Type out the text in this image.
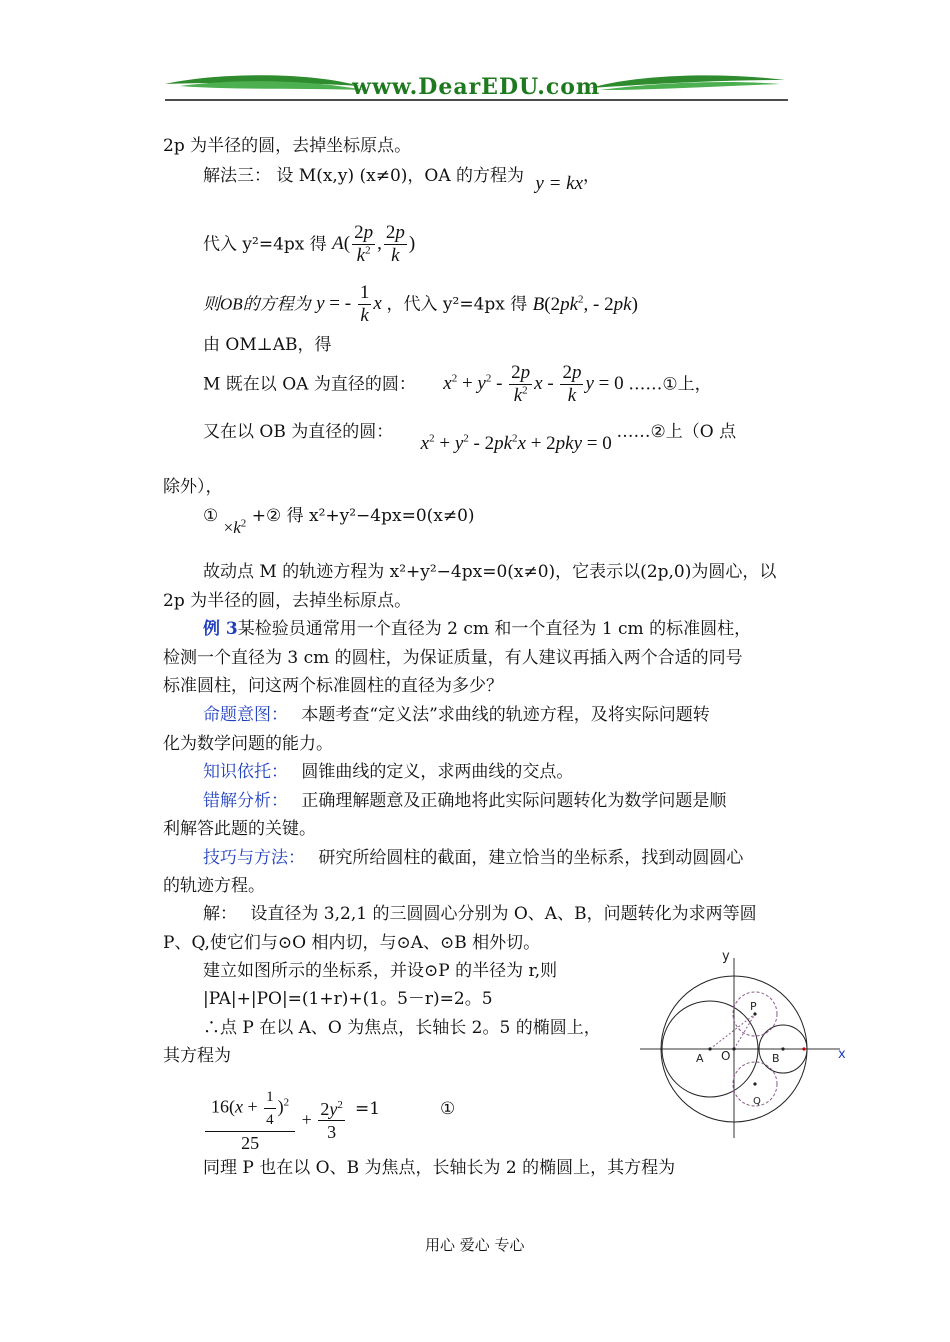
www.DearEDU.com
2p 为半径的圆，去掉坐标原点。
解法三： 设 M(x,y) (x≠0)，OA 的方程为 y = kx，
代入 y²=4px 得 $A( \frac{2p}{k^2}$ , $\frac{2p}{k}$ )
则OB的方程为 y = - $\frac{1}{k}$ x ，代入 y²=4px 得 $B(2pk^2$, - 2pk)
由 OM⊥AB，得
M 既在以 OA 为直径的圆： $x^2 + y^2 - \frac{2p}{k^2}$ x - $\frac{2p}{k}$ y = 0 ……①上，
又在以 OB 为直径的圆： $x^2 + y^2 - 2pk^2x + 2pky = 0$ ……②上（O 点
除外），
① $\times k^2$ +② 得 x²+y²−4px=0(x≠0)
故动点 M 的轨迹方程为 x²+y²−4px=0(x≠0)，它表示以(2p,0)为圆心，以
2p 为半径的圆，去掉坐标原点。
例 3某检验员通常用一个直径为 2 cm 和一个直径为 1 cm 的标准圆柱，
检测一个直径为 3 cm 的圆柱，为保证质量，有人建议再插入两个合适的同号
标准圆柱，问这两个标准圆柱的直径为多少？
命题意图： 本题考查“定义法”求曲线的轨迹方程，及将实际问题转
化为数学问题的能力。
知识依托： 圆锥曲线的定义，求两曲线的交点。
错解分析： 正确理解题意及正确地将此实际问题转化为数学问题是顺
利解答此题的关键。
技巧与方法： 研究所给圆柱的截面，建立恰当的坐标系，找到动圆圆心
的轨迹方程。
解： 设直径为 3,2,1 的三圆圆心分别为 O、A、B，问题转化为求两等圆
P、Q,使它们与⊙O 相内切，与⊙A、⊙B 相外切。
建立如图所示的坐标系，并设⊙P 的半径为 r,则
|PA|+|PO|=(1+r)+(1。5－r)=2。5
∴点 P 在以 A、O 为焦点，长轴长 2。5 的椭圆上，
其方程为
$\frac{16(x + \frac{1}{4} )^2}{25} + \frac{2y^2}{3} =1$	①
同理 P 也在以 O、B 为焦点，长轴长为 2 的椭圆上，其方程为
y
x
A O	B
P
Q
用心 爱心 专心
